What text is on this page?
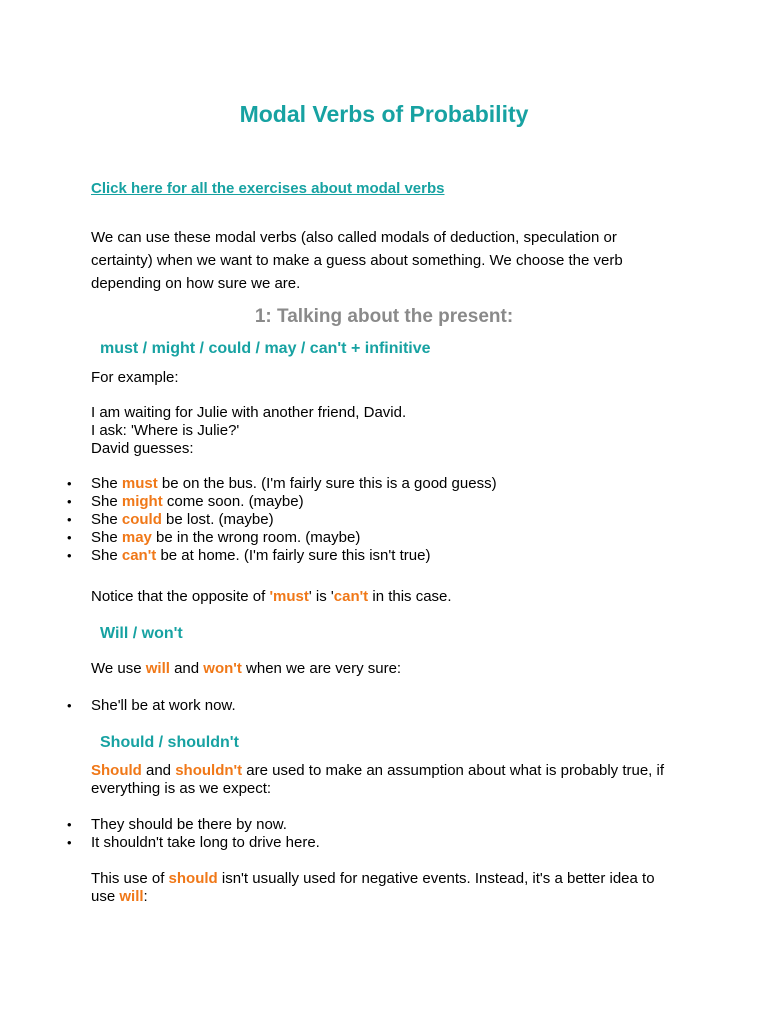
Modal Verbs of Probability
Click here for all the exercises about modal verbs

We can use these modal verbs (also called modals of deduction, speculation or certainty) when we want to make a guess about something. We choose the verb depending on how sure we are.

1: Talking about the present:
must / might / could / may / can't + infinitive

For example:

I am waiting for Julie with another friend, David.
I ask: 'Where is Julie?'
David guesses:
• She must be on the bus. (I'm fairly sure this is a good guess)
• She might come soon. (maybe)
• She could be lost. (maybe)
• She may be in the wrong room. (maybe)
• She can't be at home. (I'm fairly sure this isn't true)

Notice that the opposite of 'must' is 'can't in this case.

Will / won't

We use will and won't when we are very sure:

• She'll be at work now.
Should / shouldn't

Should and shouldn't are used to make an assumption about what is probably true, if everything is as we expect:

• They should be there by now.
• It shouldn't take long to drive here.

This use of should isn't usually used for negative events. Instead, it's a better idea to use will:
